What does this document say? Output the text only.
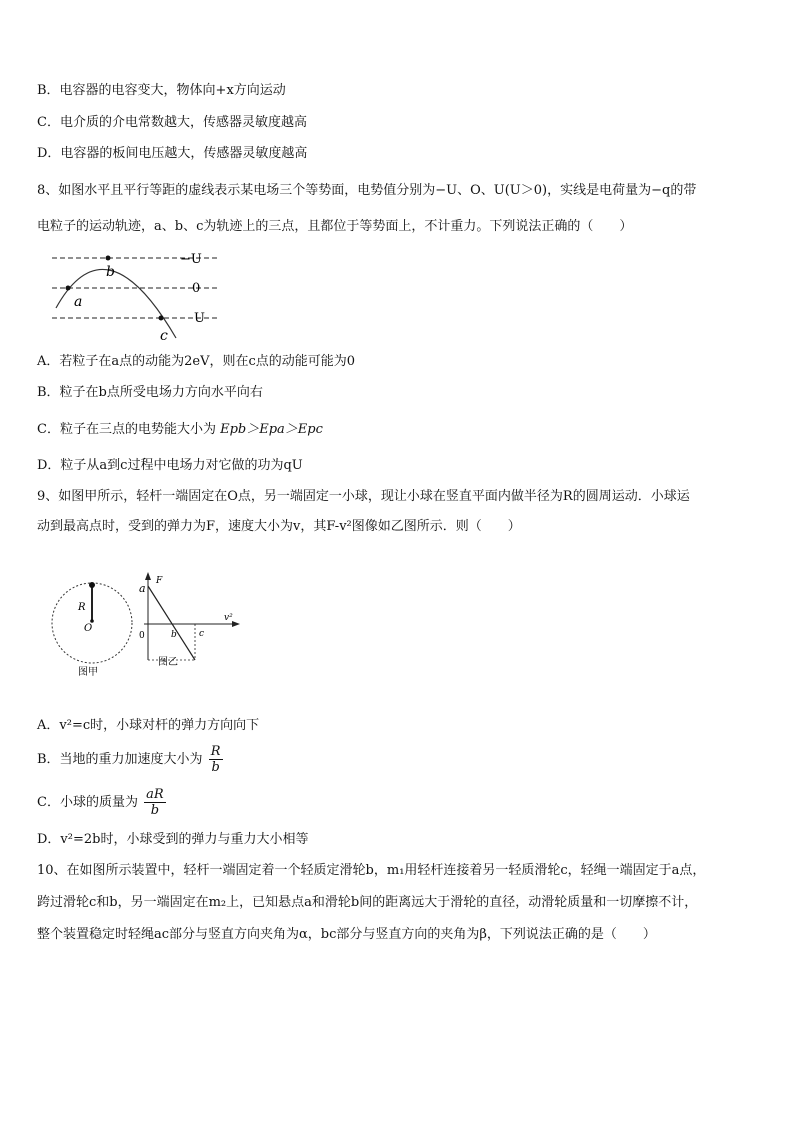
B．电容器的电容变大，物体向+x方向运动
C．电介质的介电常数越大，传感器灵敏度越高
D．电容器的板间电压越大，传感器灵敏度越高
8、如图水平且平行等距的虚线表示某电场三个等势面，电势值分别为−U、O、U(U＞0)，实线是电荷量为−q的带
电粒子的运动轨迹，a、b、c为轨迹上的三点，且都位于等势面上，不计重力。下列说法正确的（　　）
a
b
c
−U
0
U
A．若粒子在a点的动能为2eV，则在c点的动能可能为0
B．粒子在b点所受电场力方向水平向右
C．粒子在三点的电势能大小为 Epb＞Epa＞Epc
D．粒子从a到c过程中电场力对它做的功为qU
9、如图甲所示，轻杆一端固定在O点，另一端固定一小球，现让小球在竖直平面内做半径为R的圆周运动．小球运
动到最高点时，受到的弹力为F，速度大小为v，其F-v²图像如乙图所示．则（　　）
R
O
图甲
F
a
0	b c
v²
图乙
A．v²=c时，小球对杆的弹力方向向下
B．当地的重力加速度大小为 $\frac{R}{b}$
C．小球的质量为 $\frac{aR}{b}$
D．v²=2b时，小球受到的弹力与重力大小相等
10、在如图所示装置中，轻杆一端固定着一个轻质定滑轮b，m₁用轻杆连接着另一轻质滑轮c，轻绳一端固定于a点，
跨过滑轮c和b，另一端固定在m₂上，已知悬点a和滑轮b间的距离远大于滑轮的直径，动滑轮质量和一切摩擦不计，
整个装置稳定时轻绳ac部分与竖直方向夹角为α，bc部分与竖直方向的夹角为β，下列说法正确的是（　　）
